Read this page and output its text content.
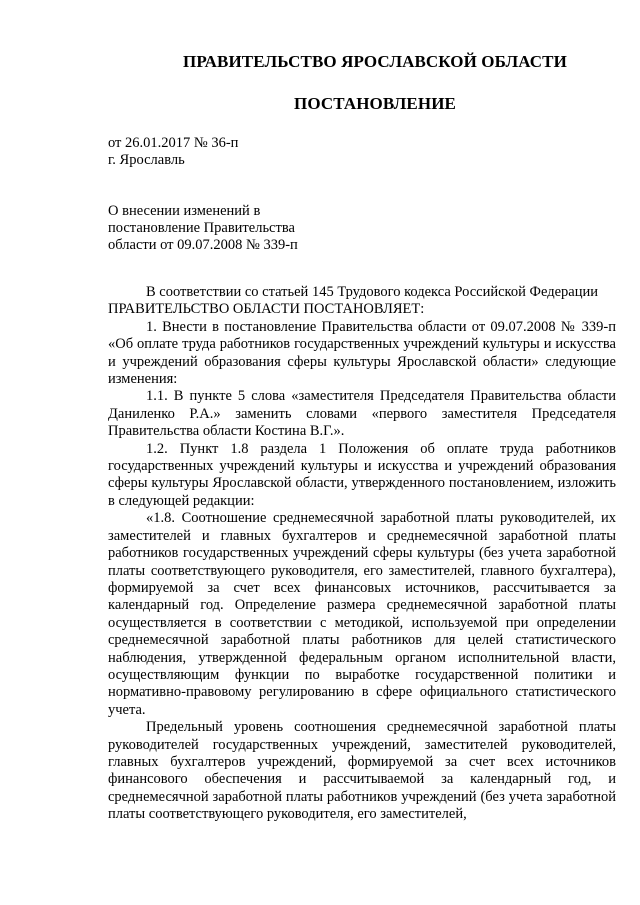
ПРАВИТЕЛЬСТВО ЯРОСЛАВСКОЙ ОБЛАСТИ
ПОСТАНОВЛЕНИЕ
от 26.01.2017 № 36-п
г. Ярославль
О внесении изменений в
постановление Правительства
области от 09.07.2008 № 339-п

В соответствии со статьей 145 Трудового кодекса Российской Федерации

ПРАВИТЕЛЬСТВО ОБЛАСТИ ПОСТАНОВЛЯЕТ:

1. Внести в постановление Правительства области от 09.07.2008 № 339-п «Об оплате труда работников государственных учреждений культуры и искусства и учреждений образования сферы культуры Ярославской области» следующие изменения:

1.1. В пункте 5 слова «заместителя Председателя Правительства области Даниленко Р.А.» заменить словами «первого заместителя Председателя Правительства области Костина В.Г.».

1.2. Пункт 1.8 раздела 1 Положения об оплате труда работников государственных учреждений культуры и искусства и учреждений образования сферы культуры Ярославской области, утвержденного постановлением, изложить в следующей редакции:

«1.8. Соотношение среднемесячной заработной платы руководителей, их заместителей и главных бухгалтеров и среднемесячной заработной платы работников государственных учреждений сферы культуры (без учета заработной платы соответствующего руководителя, его заместителей, главного бухгалтера), формируемой за счет всех финансовых источников, рассчитывается за календарный год. Определение размера среднемесячной заработной платы осуществляется в соответствии с методикой, используемой при определении среднемесячной заработной платы работников для целей статистического наблюдения, утвержденной федеральным органом исполнительной власти, осуществляющим функции по выработке государственной политики и нормативно-правовому регулированию в сфере официального статистического учета.

Предельный уровень соотношения среднемесячной заработной платы руководителей государственных учреждений, заместителей руководителей, главных бухгалтеров учреждений, формируемой за счет всех источников финансового обеспечения и рассчитываемой за календарный год, и среднемесячной заработной платы работников учреждений (без учета заработной платы соответствующего руководителя, его заместителей,
